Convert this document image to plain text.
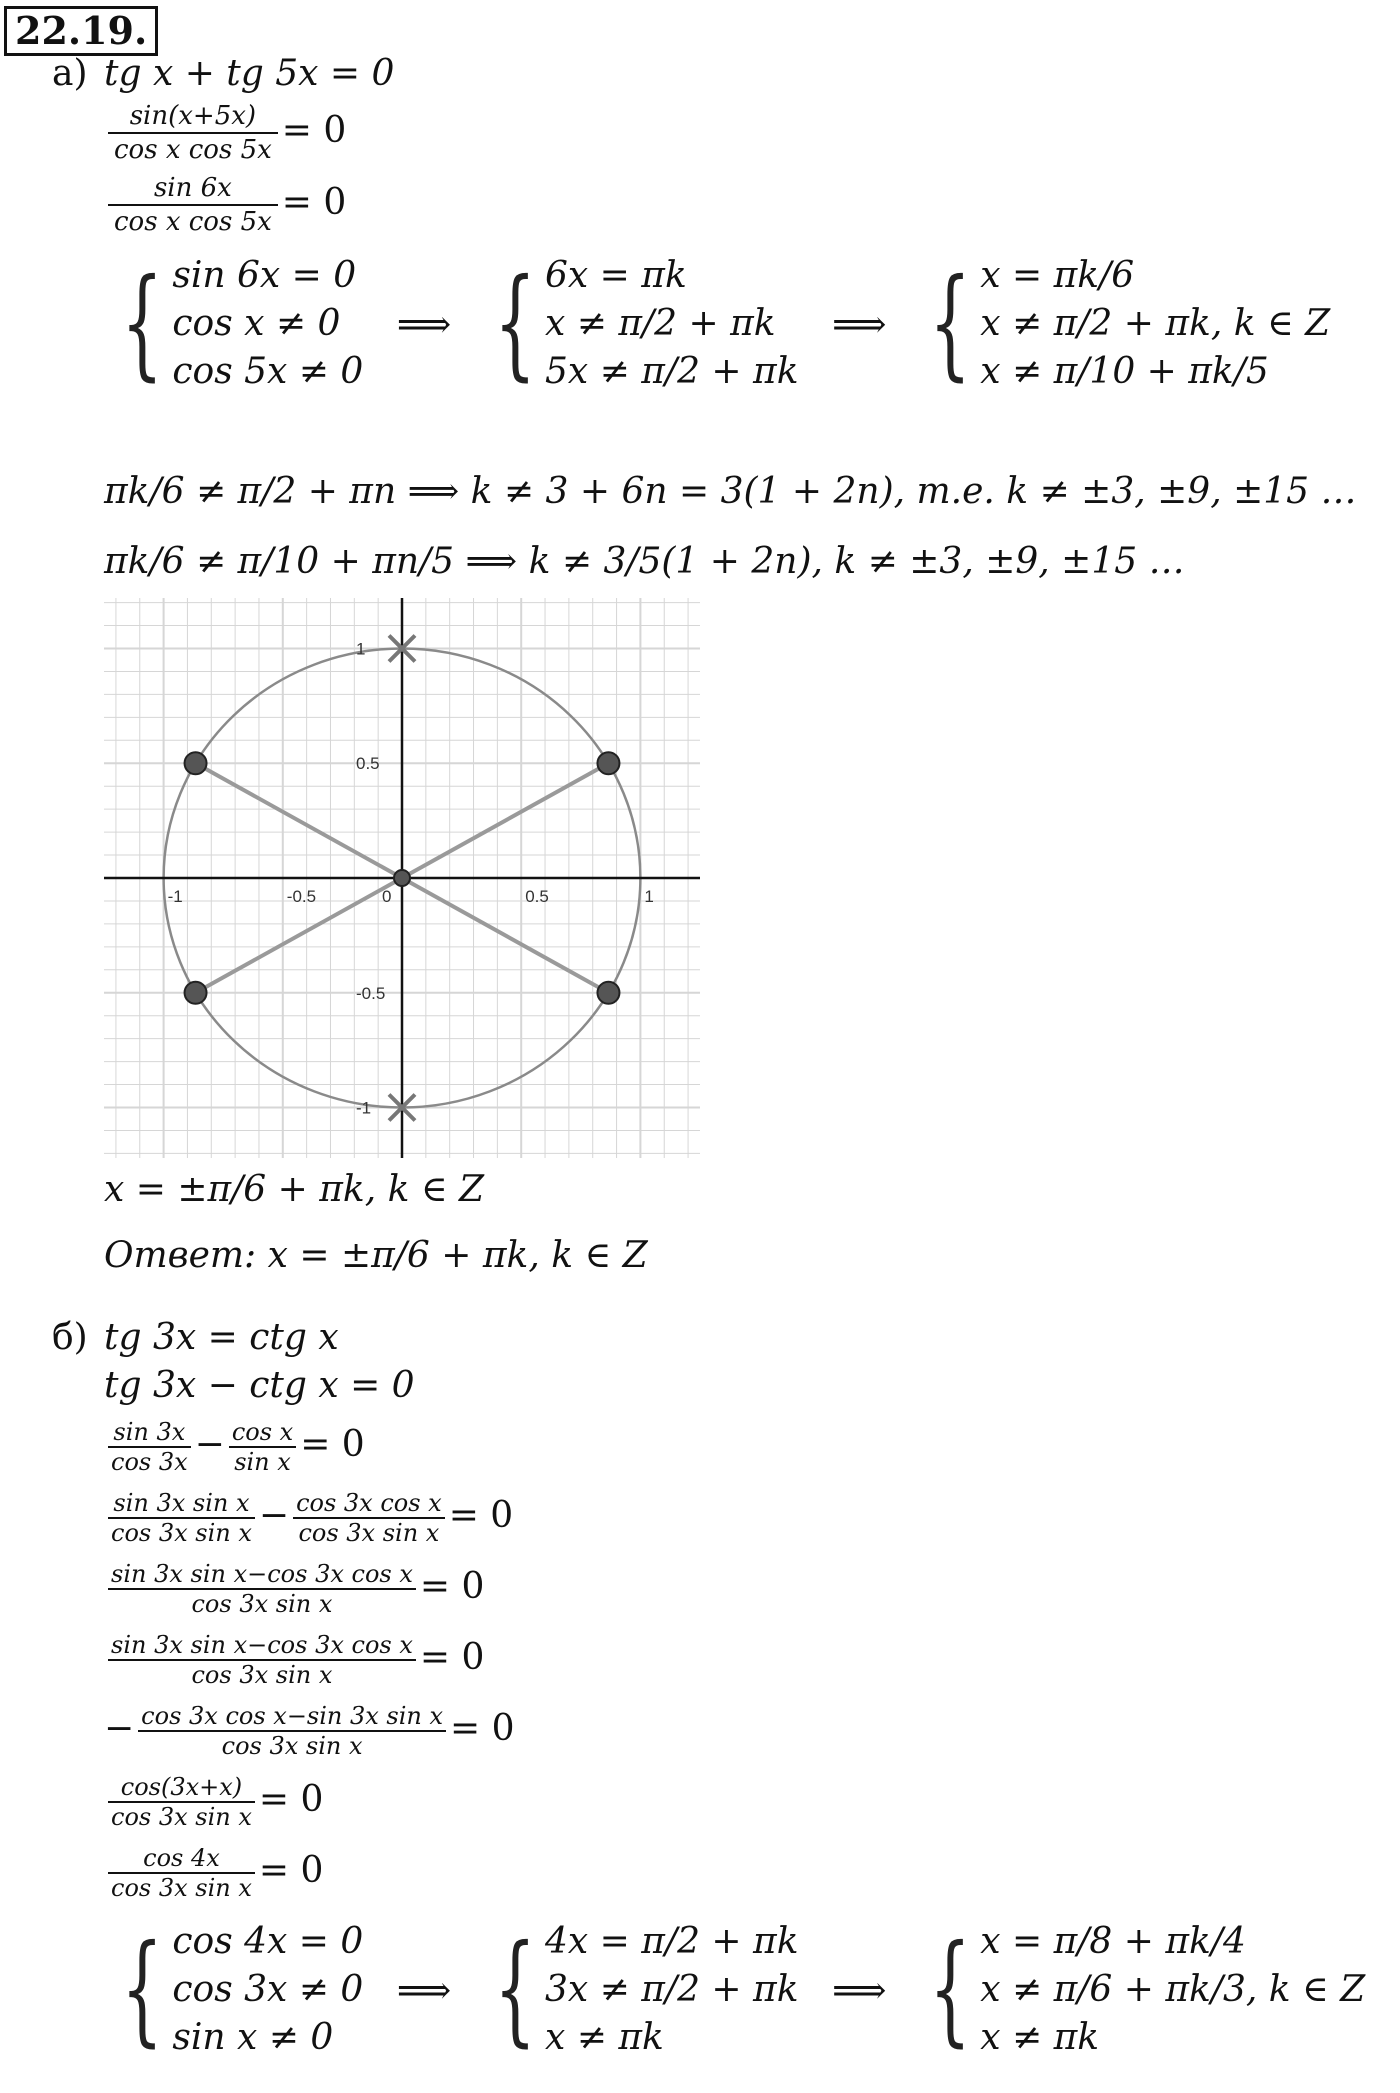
22.19.
а) tg x + tg 5x = 0
$\frac{\sin(x+5x)}{\text{cos x cos 5x}} = 0$
$\frac{\sin 6x}{\text{cos x cos 5x}} = 0$
{ sin 6x = 0
cos x ≠ 0
cos 5x ≠ 0
⟹ { 6x = πk
x ≠ π/2 + πk
5x ≠ π/2 + πk
⟹ { x = πk/6
x ≠ π/2 + πk, k ∈ Z
x ≠ π/10 + πk/5
πk/6 ≠ π/2 + πn ⟹ k ≠ 3 + 6n = 3(1 + 2n), т.е. k ≠ ±3, ±9, ±15 …
πk/6 ≠ π/10 + πn/5 ⟹ k ≠ 3/5(1 + 2n), k ≠ ±3, ±9, ±15 …
-1	-0.5	0	0.5	1
1
0.5
-0.5
-1
x = ±π/6 + πk, k ∈ Z
Ответ: x = ±π/6 + πk, k ∈ Z
б) tg 3x = ctg x
tg 3x − ctg x = 0
$\frac{\sin 3x}{\cos 3x} - \frac{\text{cos x}}{\text{sin x}} = 0$
$\frac{\text{sin 3x sin x}}{\text{cos 3x sin x}} - \frac{\text{cos 3x cos x}}{\text{cos 3x sin x}} = 0$
$\frac{\text{sin 3x sin x−cos 3x cos x}}{\text{cos 3x sin x}} = 0$
$\frac{\text{sin 3x sin x−cos 3x cos x}}{\text{cos 3x sin x}} = 0$
− $\frac{\text{cos 3x cos x−sin 3x sin x}}{\text{cos 3x sin x}} = 0$
$\frac{\cos(3x+x)}{\text{cos 3x sin x}} = 0$
$\frac{\cos 4x}{\text{cos 3x sin x}} = 0$
{ cos 4x = 0
cos 3x ≠ 0
sin x ≠ 0
⟹ { 4x = π/2 + πk
3x ≠ π/2 + πk
x ≠ πk
⟹ { x = π/8 + πk/4
x ≠ π/6 + πk/3, k ∈ Z
x ≠ πk
